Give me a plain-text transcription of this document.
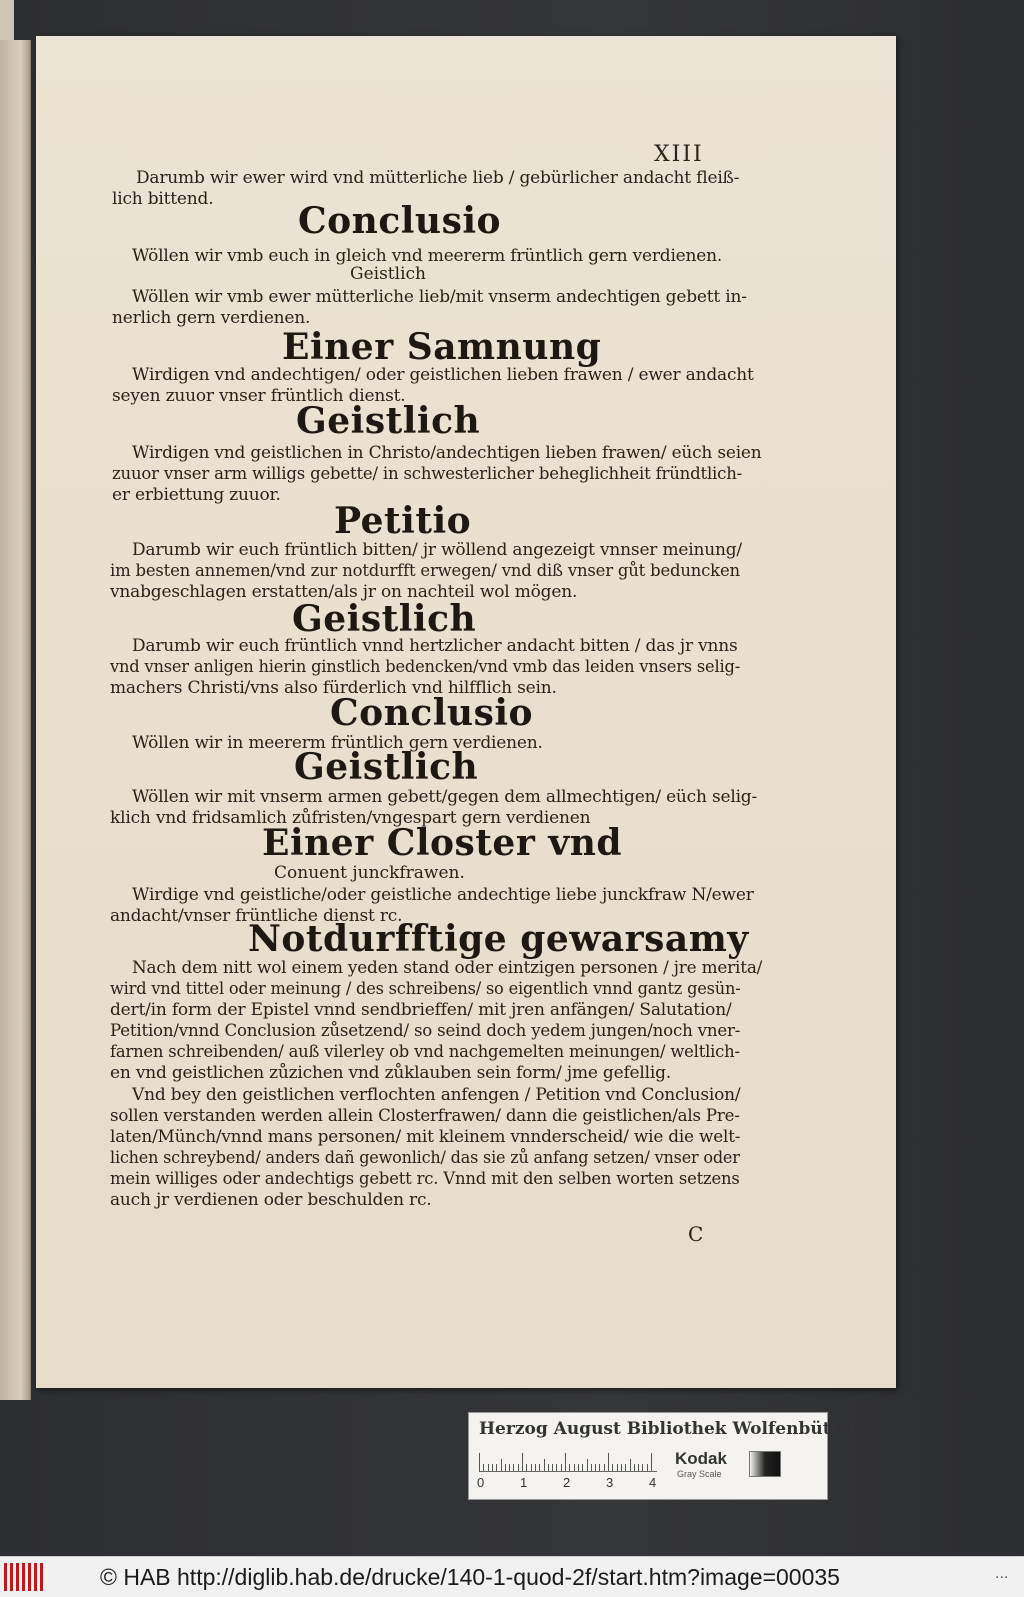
XIII
Darumb wir ewer wird vnd mütterliche lieb / gebürlicher andacht fleiß-
lich bittend.
Conclusio
Wöllen wir vmb euch in gleich vnd meererm früntlich gern verdienen.
Geistlich
Wöllen wir vmb ewer mütterliche lieb/mit vnserm andechtigen gebett in-
nerlich gern verdienen.
Einer Samnung
Wirdigen vnd andechtigen/ oder geistlichen lieben frawen / ewer andacht
seyen zuuor vnser früntlich dienst.
Geistlich
Wirdigen vnd geistlichen in Christo/andechtigen lieben frawen/ eüch seien
zuuor vnser arm willigs gebette/ in schwesterlicher beheglichheit fründtlich-
er erbiettung zuuor.
Petitio
Darumb wir euch früntlich bitten/ jr wöllend angezeigt vnnser meinung/
im besten annemen/vnd zur notdurfft erwegen/ vnd diß vnser gůt beduncken
vnabgeschlagen erstatten/als jr on nachteil wol mögen.
Geistlich
Darumb wir euch früntlich vnnd hertzlicher andacht bitten / das jr vnns
vnd vnser anligen hierin ginstlich bedencken/vnd vmb das leiden vnsers selig-
machers Christi/vns also fürderlich vnd hilfflich sein.
Conclusio
Wöllen wir in meererm früntlich gern verdienen.
Geistlich
Wöllen wir mit vnserm armen gebett/gegen dem allmechtigen/ eüch selig-
klich vnd fridsamlich zůfristen/vngespart gern verdienen
Einer Closter vnd
Conuent junckfrawen.
Wirdige vnd geistliche/oder geistliche andechtige liebe junckfraw N/ewer
andacht/vnser früntliche dienst rc.
Notdurfftige gewarsamy
Nach dem nitt wol einem yeden stand oder eintzigen personen / jre merita/
wird vnd tittel oder meinung / des schreibens/ so eigentlich vnnd gantz gesün-
dert/in form der Epistel vnnd sendbrieffen/ mit jren anfängen/ Salutation/
Petition/vnnd Conclusion zůsetzend/ so seind doch yedem jungen/noch vner-
farnen schreibenden/ auß vilerley ob vnd nachgemelten meinungen/ weltlich-
en vnd geistlichen zůzichen vnd zůklauben sein form/ jme gefellig.
Vnd bey den geistlichen verflochten anfengen / Petition vnd Conclusion/
sollen verstanden werden allein Closterfrawen/ dann die geistlichen/als Pre-
laten/Münch/vnnd mans personen/ mit kleinem vnnderscheid/ wie die welt-
lichen schreybend/ anders dañ gewonlich/ das sie zů anfang setzen/ vnser oder
mein williges oder andechtigs gebett rc. Vnnd mit den selben worten setzens
auch jr verdienen oder beschulden rc.
C
Herzog August Bibliothek Wolfenbüttel
0	1	2	3	4
Kodak
Gray Scale
© HAB http://diglib.hab.de/drucke/140-1-quod-2f/start.htm?image=00035	...
